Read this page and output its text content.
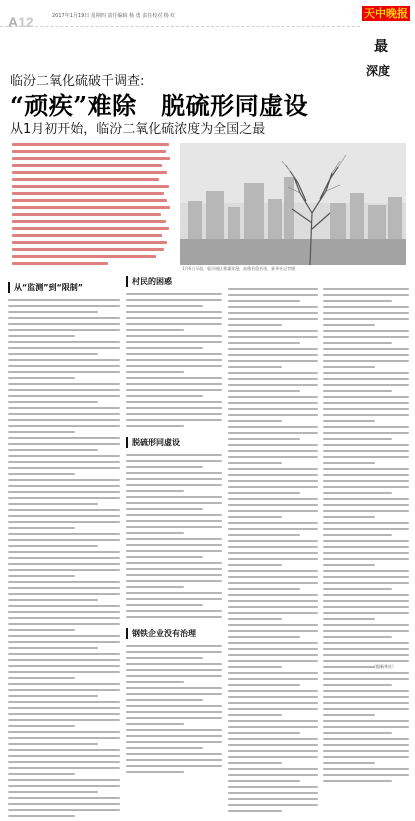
A12	2017年1月19日 星期四 责任编辑 杨 勇 责任校对 杨 红	天中晚报
最
深度
临汾二氧化硫破千调查:
“顽疾”难除　脱硫形同虚设
从1月初开始，临汾二氧化硫浓度为全国之最
1月6日早晨，临汾城区雾霾弥漫，高楼若隐若现。新华社记者摄
从“监测”到“限制”
村民的困惑
脱硫形同虚设
钢铁企业没有治理
（据新华社）
